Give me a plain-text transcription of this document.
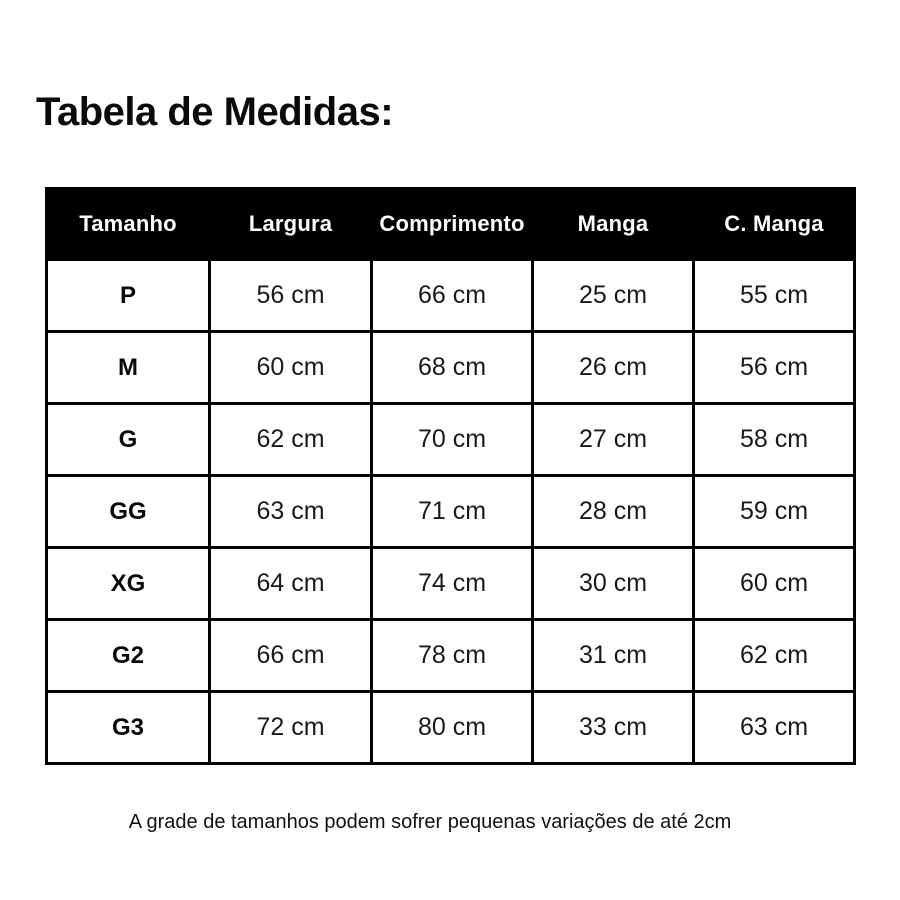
Tabela de Medidas:
Tamanho	Largura	Comprimento	Manga	C. Manga
P	56 cm	66 cm	25 cm	55 cm
M	60 cm	68 cm	26 cm	56 cm
G	62 cm	70 cm	27 cm	58 cm
GG	63 cm	71 cm	28 cm	59 cm
XG	64 cm	74 cm	30 cm	60 cm
G2	66 cm	78 cm	31 cm	62 cm
G3	72 cm	80 cm	33 cm	63 cm

A grade de tamanhos podem sofrer pequenas variações de até 2cm
